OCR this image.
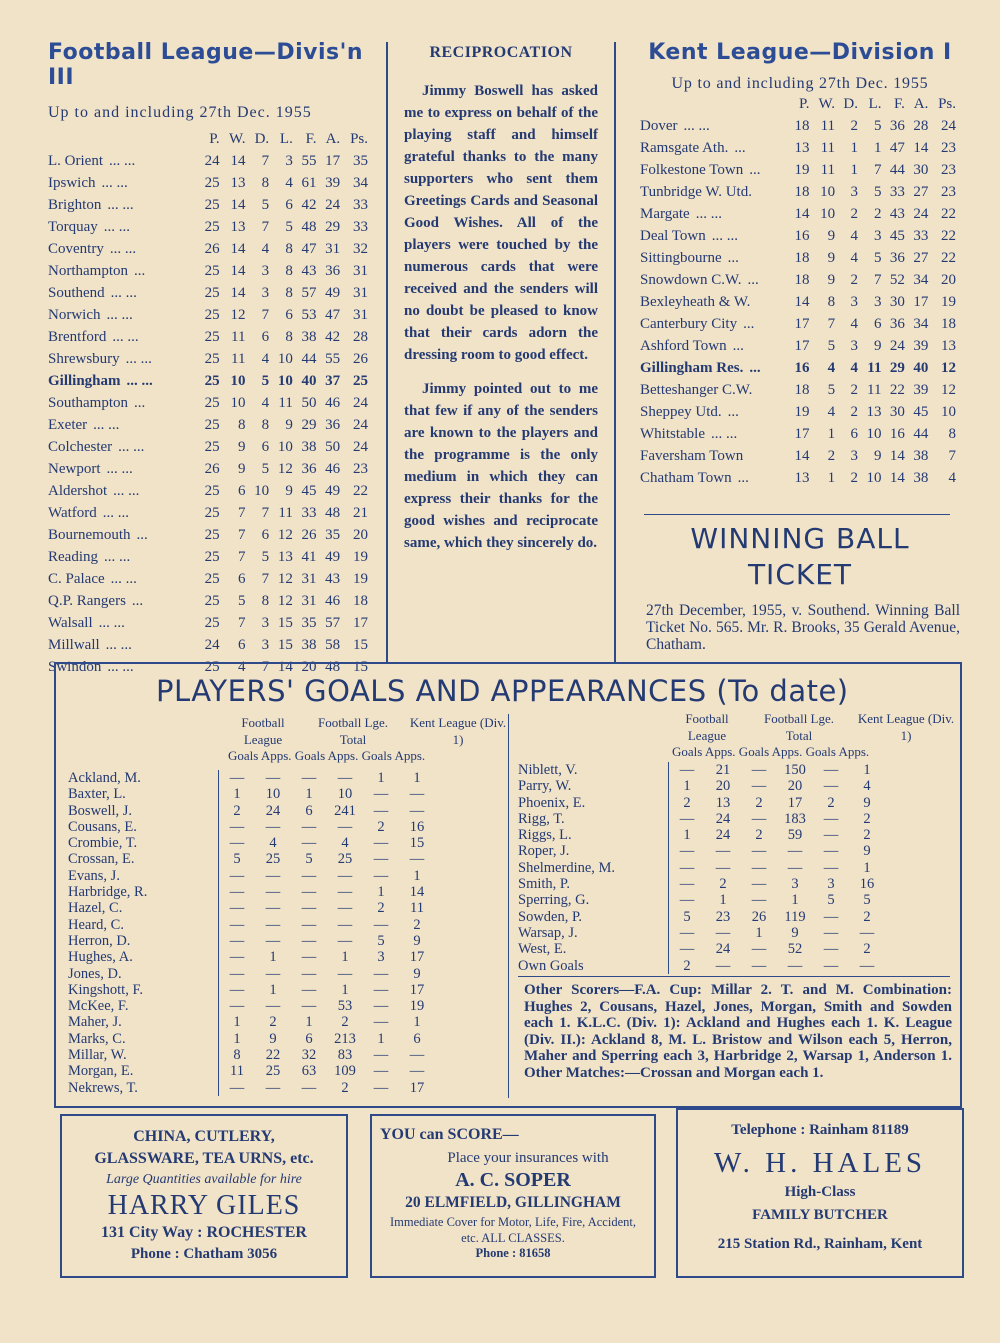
Football League—Divis'n III
Up to and including 27th Dec. 1955
	P.	W.	D.	L.	F.	A.	Ps.
L. Orient ... ...	24	14	7	3	55	17	35
Ipswich ... ...	25	13	8	4	61	39	34
Brighton ... ...	25	14	5	6	42	24	33
Torquay ... ...	25	13	7	5	48	29	33
Coventry ... ...	26	14	4	8	47	31	32
Northampton ...	25	14	3	8	43	36	31
Southend ... ...	25	14	3	8	57	49	31
Norwich ... ...	25	12	7	6	53	47	31
Brentford ... ...	25	11	6	8	38	42	28
Shrewsbury ... ...	25	11	4	10	44	55	26
Gillingham ... ...	25	10	5	10	40	37	25
Southampton ...	25	10	4	11	50	46	24
Exeter ... ...	25	8	8	9	29	36	24
Colchester ... ...	25	9	6	10	38	50	24
Newport ... ...	26	9	5	12	36	46	23
Aldershot ... ...	25	6	10	9	45	49	22
Watford ... ...	25	7	7	11	33	48	21
Bournemouth ...	25	7	6	12	26	35	20
Reading ... ...	25	7	5	13	41	49	19
C. Palace ... ...	25	6	7	12	31	43	19
Q.P. Rangers ...	25	5	8	12	31	46	18
Walsall ... ...	25	7	3	15	35	57	17
Millwall ... ...	24	6	3	15	38	58	15
Swindon ... ...	25	4	7	14	20	48	15
RECIPROCATION
Jimmy Boswell has asked me to express on behalf of the playing staff and himself grateful thanks to the many supporters who sent them Greetings Cards and Seasonal Good Wishes. All of the players were touched by the numerous cards that were received and the senders will no doubt be pleased to know that their cards adorn the dressing room to good effect.
Jimmy pointed out to me that few if any of the senders are known to the players and the programme is the only medium in which they can express their thanks for the good wishes and reciprocate same, which they sincerely do.
Kent League—Division I
Up to and including 27th Dec. 1955
	P.	W.	D.	L.	F.	A.	Ps.
Dover ... ...	18	11	2	5	36	28	24
Ramsgate Ath. ...	13	11	1	1	47	14	23
Folkestone Town ...	19	11	1	7	44	30	23
Tunbridge W. Utd.	18	10	3	5	33	27	23
Margate ... ...	14	10	2	2	43	24	22
Deal Town ... ...	16	9	4	3	45	33	22
Sittingbourne ...	18	9	4	5	36	27	22
Snowdown C.W. ...	18	9	2	7	52	34	20
Bexleyheath & W.	14	8	3	3	30	17	19
Canterbury City ...	17	7	4	6	36	34	18
Ashford Town ...	17	5	3	9	24	39	13
Gillingham Res. ...	16	4	4	11	29	40	12
Betteshanger C.W.	18	5	2	11	22	39	12
Sheppey Utd. ...	19	4	2	13	30	45	10
Whitstable ... ...	17	1	6	10	16	44	8
Faversham Town	14	2	3	9	14	38	7
Chatham Town ...	13	1	2	10	14	38	4
WINNING BALL
TICKET
27th December, 1955, v. Southend. Winning Ball Ticket No. 565. Mr. R. Brooks, 35 Gerald Avenue, Chatham.
PLAYERS' GOALS AND APPEARANCES (To date)
Football League
Football Lge. Total
Kent League (Div. 1)
Goals Apps. Goals Apps. Goals Apps.
Ackland, M.	—	—	—	—	1	1
Baxter, L.	1	10	1	10	—	—
Boswell, J.	2	24	6	241	—	—
Cousans, E.	—	—	—	—	2	16
Crombie, T.	—	4	—	4	—	15
Crossan, E.	5	25	5	25	—	—
Evans, J.	—	—	—	—	—	1
Harbridge, R.	—	—	—	—	1	14
Hazel, C.	—	—	—	—	2	11
Heard, C.	—	—	—	—	—	2
Herron, D.	—	—	—	—	5	9
Hughes, A.	—	1	—	1	3	17
Jones, D.	—	—	—	—	—	9
Kingshott, F.	—	1	—	1	—	17
McKee, F.	—	—	—	53	—	19
Maher, J.	1	2	1	2	—	1
Marks, C.	1	9	6	213	1	6
Millar, W.	8	22	32	83	—	—
Morgan, E.	11	25	63	109	—	—
Nekrews, T.	—	—	—	2	—	17
Football League
Football Lge. Total
Kent League (Div. 1)
Goals Apps. Goals Apps. Goals Apps.
Niblett, V.	—	21	—	150	—	1
Parry, W.	1	20	—	20	—	4
Phoenix, E.	2	13	2	17	2	9
Rigg, T.	—	24	—	183	—	2
Riggs, L.	1	24	2	59	—	2
Roper, J.	—	—	—	—	—	9
Shelmerdine, M.	—	—	—	—	—	1
Smith, P.	—	2	—	3	3	16
Sperring, G.	—	1	—	1	5	5
Sowden, P.	5	23	26	119	—	2
Warsap, J.	—	—	1	9	—	—
West, E.	—	24	—	52	—	2
Own Goals	2	—	—	—	—	—
Other Scorers—F.A. Cup: Millar 2. T. and M. Combination: Hughes 2, Cousans, Hazel, Jones, Morgan, Smith and Sowden each 1. K.L.C. (Div. 1): Ackland and Hughes each 1. K. League (Div. II.): Ackland 8, M. L. Bristow and Wilson each 5, Herron, Maher and Sperring each 3, Harbridge 2, Warsap 1, Anderson 1. Other Matches:—Crossan and Morgan each 1.
CHINA, CUTLERY,
GLASSWARE, TEA URNS, etc.
Large Quantities available for hire
HARRY GILES
131 City Way : ROCHESTER
Phone : Chatham 3056
YOU can SCORE—
Place your insurances with
A. C. SOPER
20 ELMFIELD, GILLINGHAM
Immediate Cover for Motor, Life, Fire, Accident, etc. ALL CLASSES.
Phone : 81658
Telephone : Rainham 81189
W. H. HALES
High-Class
FAMILY BUTCHER
215 Station Rd., Rainham, Kent
